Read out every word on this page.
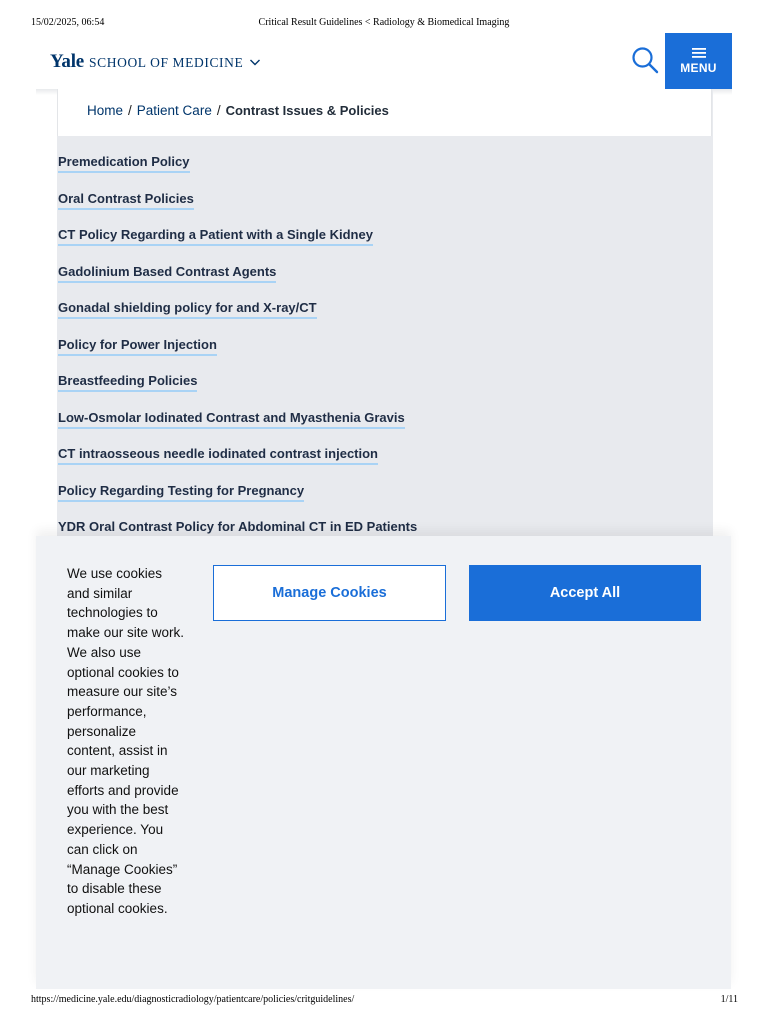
15/02/2025, 06:54	Critical Result Guidelines < Radiology & Biomedical Imaging
Yale SCHOOL OF MEDICINE	MENU
Home / Patient Care / Contrast Issues & Policies
Premedication Policy
Oral Contrast Policies
CT Policy Regarding a Patient with a Single Kidney
Gadolinium Based Contrast Agents
Gonadal shielding policy for and X-ray/CT
Policy for Power Injection
Breastfeeding Policies
Low-Osmolar Iodinated Contrast and Myasthenia Gravis
CT intraosseous needle iodinated contrast injection
Policy Regarding Testing for Pregnancy
YDR Oral Contrast Policy for Abdominal CT in ED Patients

We use cookies and similar technologies to make our site work. We also use optional cookies to measure our site’s performance, personalize content, assist in our marketing efforts and provide you with the best experience. You can click on “Manage Cookies” to disable these optional cookies.

Manage Cookies	Accept All
https://medicine.yale.edu/diagnosticradiology/patientcare/policies/critguidelines/	1/11
